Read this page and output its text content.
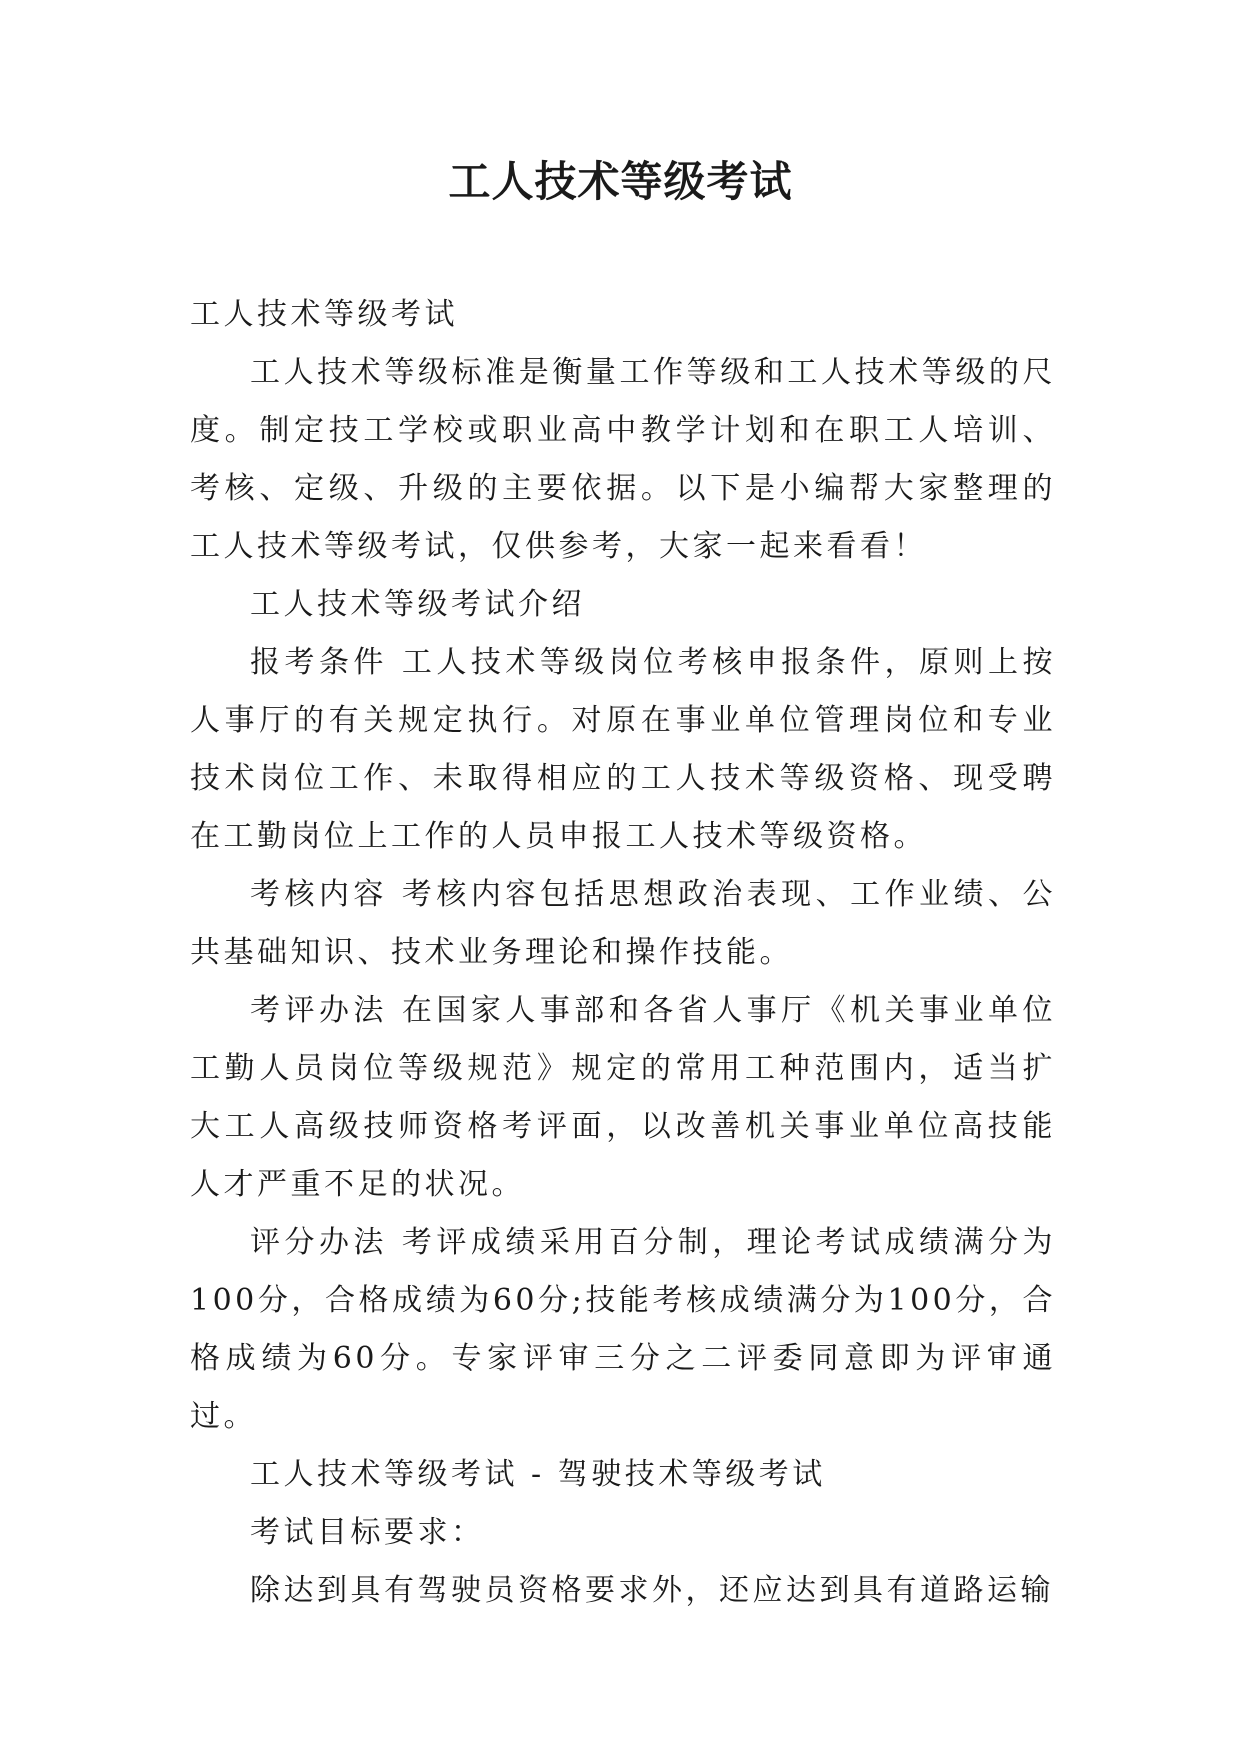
工人技术等级考试

工人技术等级考试

工人技术等级标准是衡量工作等级和工人技术等级的尺度。制定技工学校或职业高中教学计划和在职工人培训、考核、定级、升级的主要依据。以下是小编帮大家整理的工人技术等级考试，仅供参考，大家一起来看看！

工人技术等级考试介绍

报考条件 工人技术等级岗位考核申报条件，原则上按人事厅的有关规定执行。对原在事业单位管理岗位和专业技术岗位工作、未取得相应的工人技术等级资格、现受聘在工勤岗位上工作的人员申报工人技术等级资格。

考核内容 考核内容包括思想政治表现、工作业绩、公共基础知识、技术业务理论和操作技能。

考评办法 在国家人事部和各省人事厅《机关事业单位工勤人员岗位等级规范》规定的常用工种范围内，适当扩大工人高级技师资格考评面，以改善机关事业单位高技能人才严重不足的状况。

评分办法 考评成绩采用百分制，理论考试成绩满分为100分，合格成绩为60分;技能考核成绩满分为100分，合格成绩为60分。专家评审三分之二评委同意即为评审通过。

工人技术等级考试 - 驾驶技术等级考试

考试目标要求：

除达到具有驾驶员资格要求外，还应达到具有道路运输
